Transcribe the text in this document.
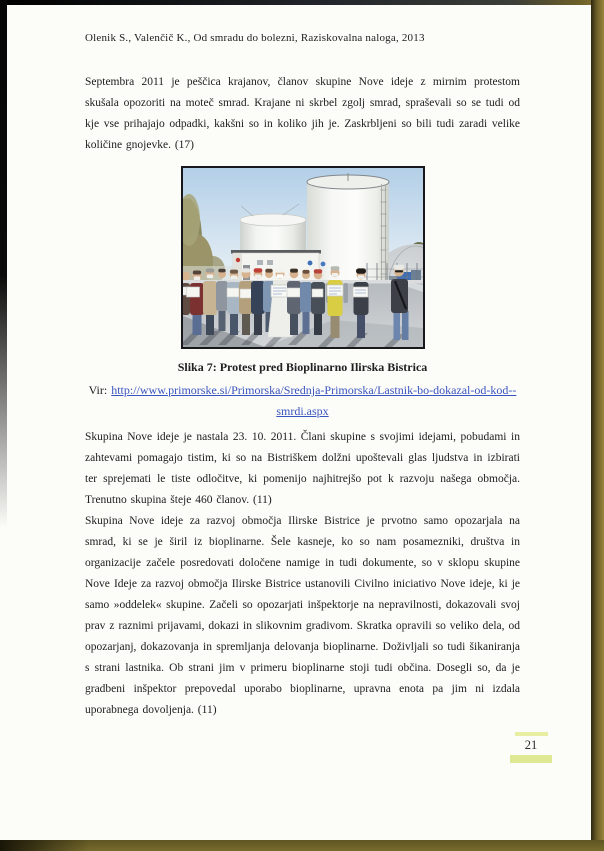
Olenik S., Valenčič K., Od smradu do bolezni, Raziskovalna naloga, 2013

Septembra 2011 je peščica krajanov, članov skupine Nove ideje z mirnim protestom skušala opozoriti na moteč smrad. Krajane ni skrbel zgolj smrad, spraševali so se tudi od kje vse prihajajo odpadki, kakšni so in koliko jih je. Zaskrbljeni so bili tudi zaradi velike količine gnojevke. (17)

Slika 7: Protest pred Bioplinarno Ilirska Bistrica
Vir: http://www.primorske.si/Primorska/Srednja-Primorska/Lastnik-bo-dokazal-od-kod--
smrdi.aspx

Skupina Nove ideje je nastala 23. 10. 2011. Člani skupine s svojimi idejami, pobudami in zahtevami pomagajo tistim, ki so na Bistriškem dolžni upoštevali glas ljudstva in izbirati ter sprejemati le tiste odločitve, ki pomenijo najhitrejšo pot k razvoju našega območja. Trenutno skupina šteje 460 članov. (11)

Skupina Nove ideje za razvoj območja Ilirske Bistrice je prvotno samo opozarjala na smrad, ki se je širil iz bioplinarne. Šele kasneje, ko so nam posamezniki, društva in organizacije začele posredovati določene namige in tudi dokumente, so v sklopu skupine Nove Ideje za razvoj območja Ilirske Bistrice ustanovili Civilno iniciativo Nove ideje, ki je samo »oddelek« skupine. Začeli so opozarjati inšpektorje na nepravilnosti, dokazovali svoj prav z raznimi prijavami, dokazi in slikovnim gradivom. Skratka opravili so veliko dela, od opozarjanj, dokazovanja in spremljanja delovanja bioplinarne. Doživljali so tudi šikaniranja s strani lastnika. Ob strani jim v primeru bioplinarne stoji tudi občina. Dosegli so, da je gradbeni inšpektor prepovedal uporabo bioplinarne, upravna enota pa jim ni izdala uporabnega dovoljenja. (11)

21
